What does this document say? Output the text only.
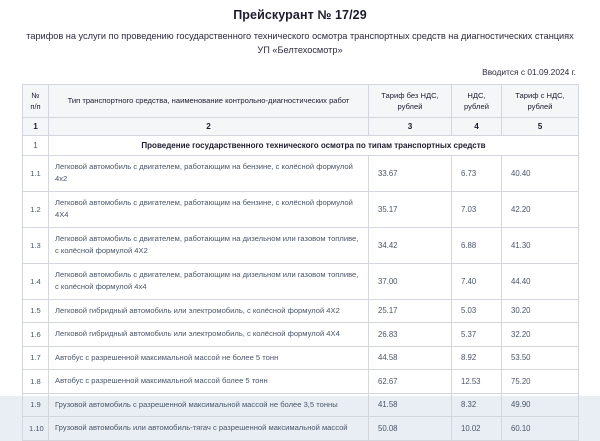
Прейскурант № 17/29
тарифов на услуги по проведению государственного технического осмотра транспортных средств на диагностических станциях УП «Белтехосмотр»
Вводится с 01.09.2024 г.
№
п/п	Тип транспортного средства, наименование контрольно-диагностических работ	Тариф без НДС,
рублей	НДС,
рублей	Тариф с НДС,
рублей
1	2	3	4	5
1	Проведение государственного технического осмотра по типам транспортных средств			
1.1	Легковой автомобиль с двигателем, работающим на бензине, с колёсной формулой 4x2	33.67	6.73	40.40
1.2	Легковой автомобиль с двигателем, работающим на бензине, с колёсной формулой 4X4	35.17	7.03	42.20
1.3	Легковой автомобиль с двигателем, работающим на дизельном или газовом топливе, с колёсной формулой 4X2	34.42	6.88	41.30
1.4	Легковой автомобиль с двигателем, работающим на дизельном или газовом топливе, с колёсной формулой 4x4	37.00	7.40	44.40
1.5	Легковой гибридный автомобиль или электромобиль, с колёсной формулой 4X2	25.17	5.03	30.20
1.6	Легковой гибридный автомобиль или электромобиль, с колёсной формулой 4X4	26.83	5.37	32.20
1.7	Автобус с разрешенной максимальной массой не более 5 тонн	44.58	8.92	53.50
1.8	Автобус с разрешенной максимальной массой более 5 тонн	62.67	12.53	75.20
1.9	Грузовой автомобиль с разрешенной максимальной массой не более 3,5 тонны	41.58	8.32	49.90
1.10	Грузовой автомобиль или автомобиль-тягач с разрешенной максимальной массой	50.08	10.02	60.10
